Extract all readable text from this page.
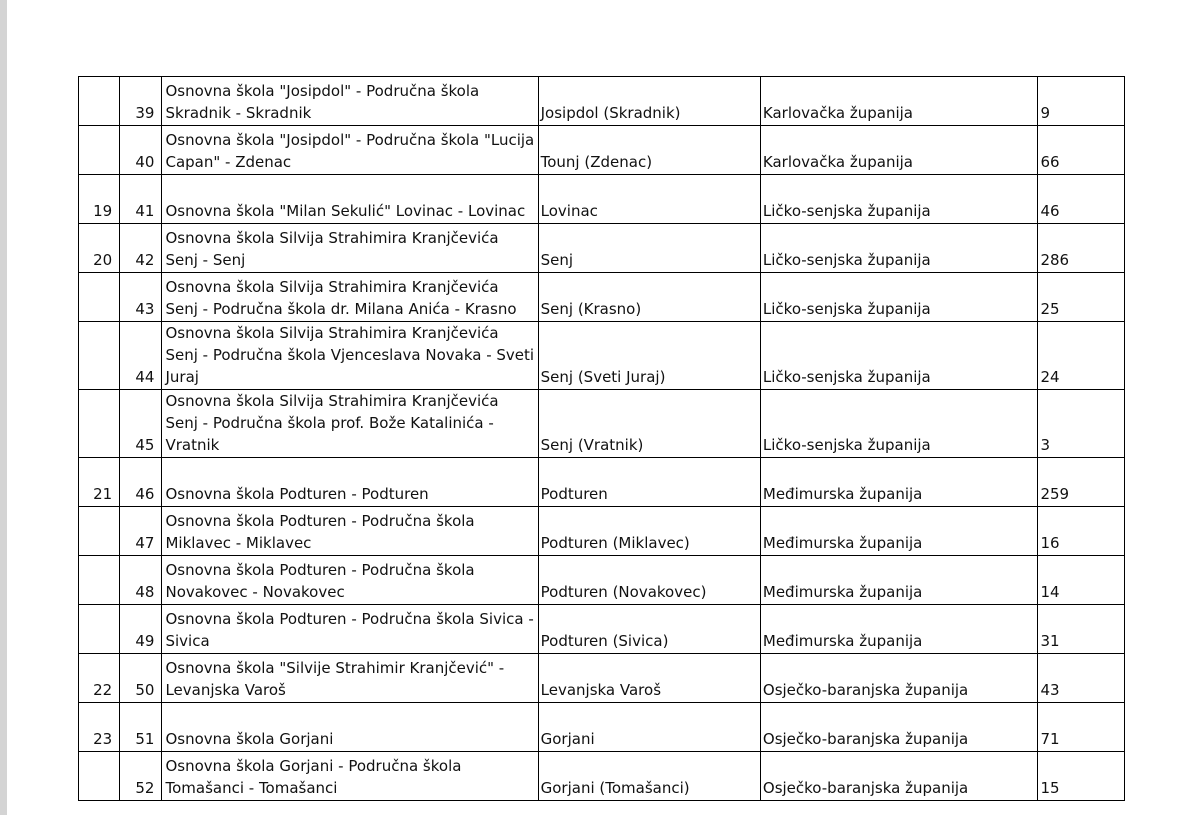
	39	Osnovna škola "Josipdol" - Područna škola Skradnik - Skradnik	Josipdol (Skradnik)	Karlovačka županija	9
	40	Osnovna škola "Josipdol" - Područna škola "Lucija Capan" - Zdenac	Tounj (Zdenac)	Karlovačka županija	66
19	41	Osnovna škola "Milan Sekulić" Lovinac - Lovinac	Lovinac	Ličko-senjska županija	46
20	42	Osnovna škola Silvija Strahimira Kranjčevića Senj - Senj	Senj	Ličko-senjska županija	286
	43	Osnovna škola Silvija Strahimira Kranjčevića Senj - Područna škola dr. Milana Anića - Krasno	Senj (Krasno)	Ličko-senjska županija	25
	44	Osnovna škola Silvija Strahimira Kranjčevića Senj - Područna škola Vjenceslava Novaka - Sveti Juraj	Senj (Sveti Juraj)	Ličko-senjska županija	24
	45	Osnovna škola Silvija Strahimira Kranjčevića Senj - Područna škola prof. Bože Katalinića - Vratnik	Senj (Vratnik)	Ličko-senjska županija	3
21	46	Osnovna škola Podturen - Podturen	Podturen	Međimurska županija	259
	47	Osnovna škola Podturen - Područna škola Miklavec - Miklavec	Podturen (Miklavec)	Međimurska županija	16
	48	Osnovna škola Podturen - Područna škola Novakovec - Novakovec	Podturen (Novakovec)	Međimurska županija	14
	49	Osnovna škola Podturen - Područna škola Sivica - Sivica	Podturen (Sivica)	Međimurska županija	31
22	50	Osnovna škola "Silvije Strahimir Kranjčević" - Levanjska Varoš	Levanjska Varoš	Osječko-baranjska županija	43
23	51	Osnovna škola Gorjani	Gorjani	Osječko-baranjska županija	71
	52	Osnovna škola Gorjani - Područna škola Tomašanci - Tomašanci	Gorjani (Tomašanci)	Osječko-baranjska županija	15
